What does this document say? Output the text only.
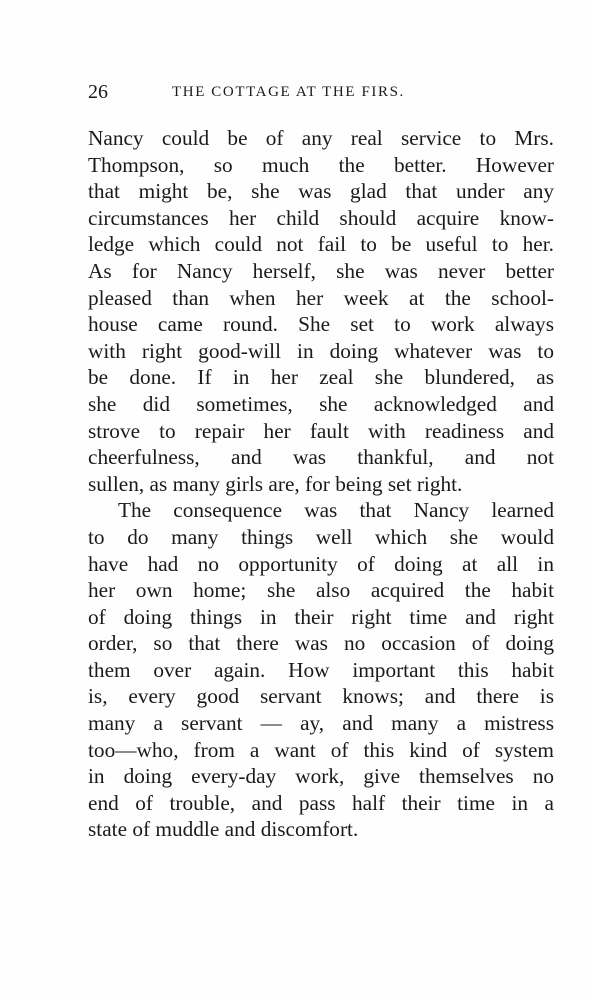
26	THE COTTAGE AT THE FIRS.
Nancy could be of any real service to Mrs.
Thompson, so much the better. However
that might be, she was glad that under any
circumstances her child should acquire know-
ledge which could not fail to be useful to her.
As for Nancy herself, she was never better
pleased than when her week at the school-
house came round. She set to work always
with right good-will in doing whatever was to
be done. If in her zeal she blundered, as
she did sometimes, she acknowledged and
strove to repair her fault with readiness and
cheerfulness, and was thankful, and not
sullen, as many girls are, for being set right.
The consequence was that Nancy learned
to do many things well which she would
have had no opportunity of doing at all in
her own home; she also acquired the habit
of doing things in their right time and right
order, so that there was no occasion of doing
them over again. How important this habit
is, every good servant knows; and there is
many a servant — ay, and many a mistress
too—who, from a want of this kind of system
in doing every-day work, give themselves no
end of trouble, and pass half their time in a
state of muddle and discomfort.
